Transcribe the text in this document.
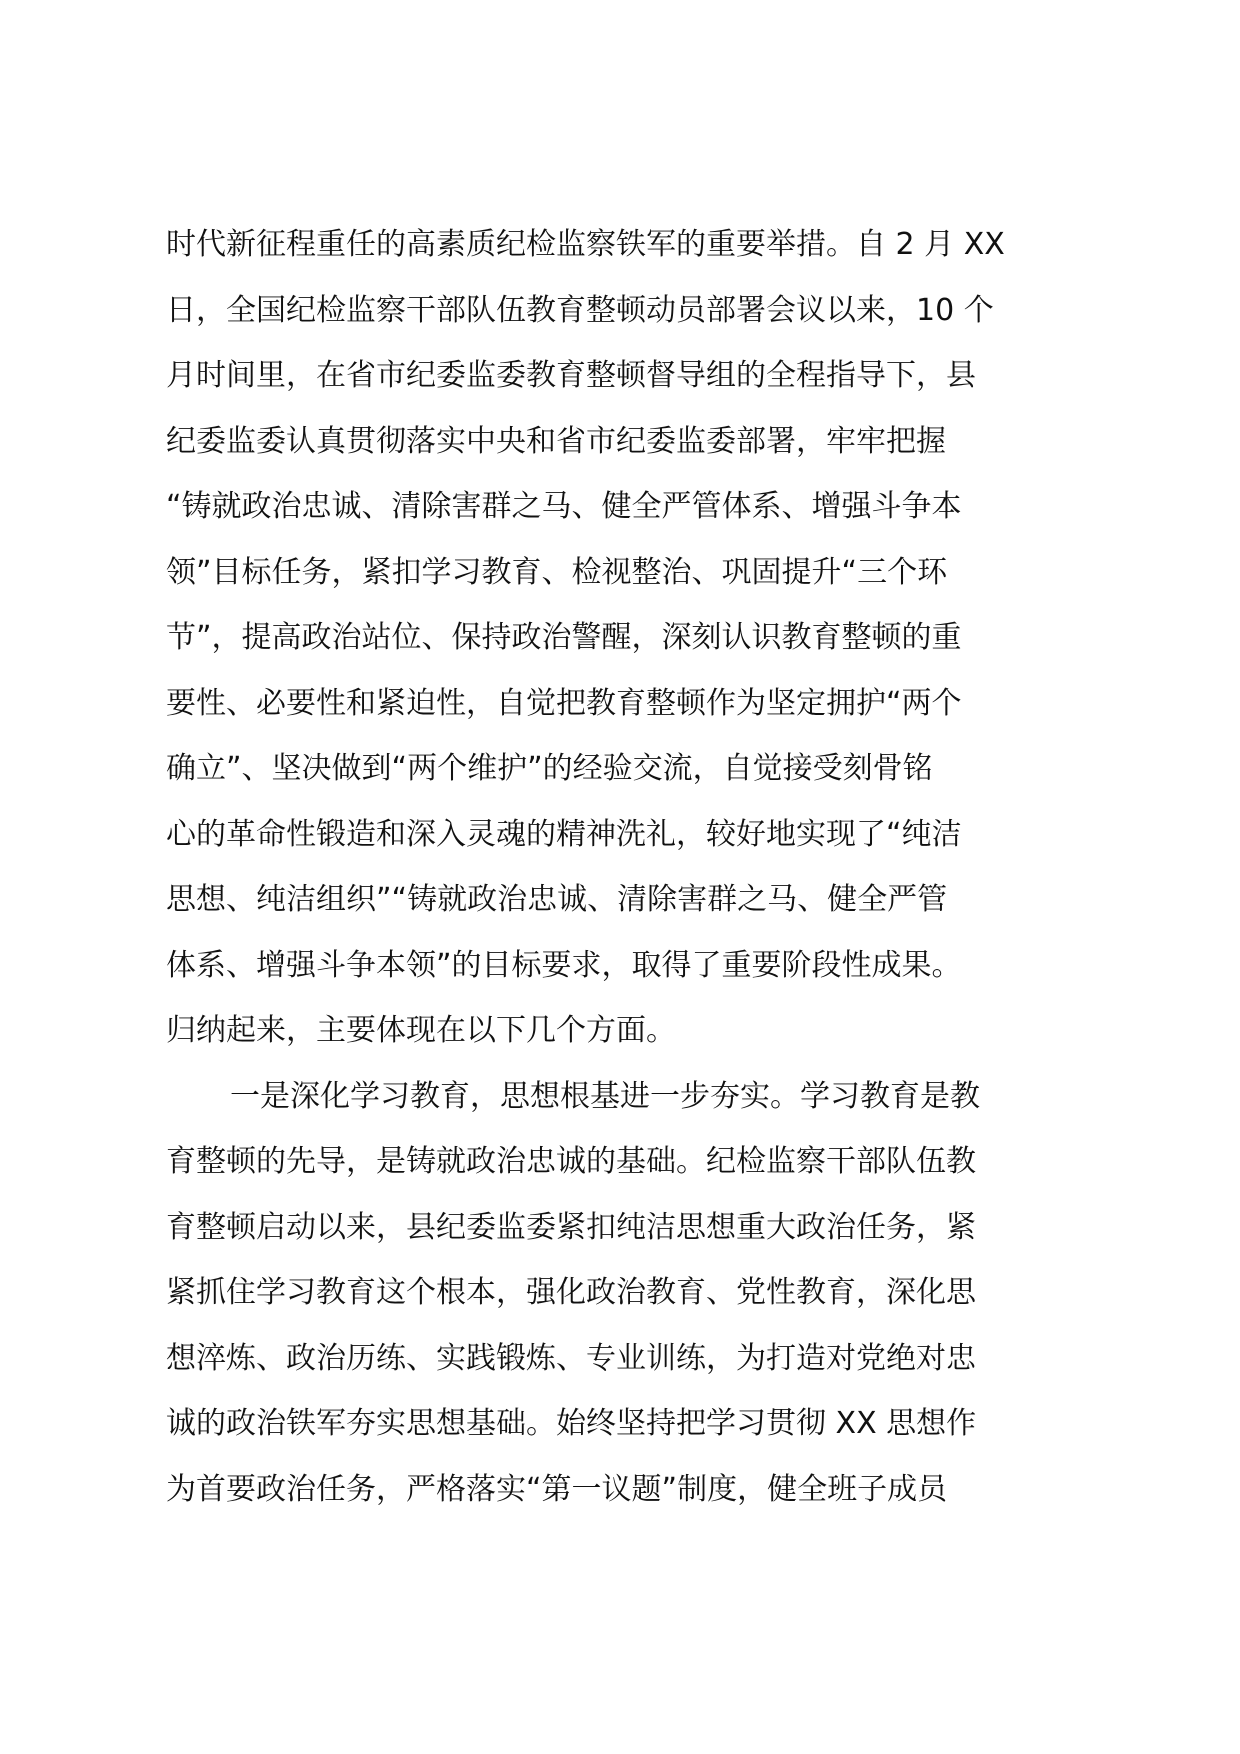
时代新征程重任的高素质纪检监察铁军的重要举措。自 2 月 XX
日，全国纪检监察干部队伍教育整顿动员部署会议以来，10 个
月时间里，在省市纪委监委教育整顿督导组的全程指导下，县
纪委监委认真贯彻落实中央和省市纪委监委部署，牢牢把握
“铸就政治忠诚、清除害群之马、健全严管体系、增强斗争本
领”目标任务，紧扣学习教育、检视整治、巩固提升“三个环
节”，提高政治站位、保持政治警醒，深刻认识教育整顿的重
要性、必要性和紧迫性，自觉把教育整顿作为坚定拥护“两个
确立”、坚决做到“两个维护”的经验交流，自觉接受刻骨铭
心的革命性锻造和深入灵魂的精神洗礼，较好地实现了“纯洁
思想、纯洁组织”“铸就政治忠诚、清除害群之马、健全严管
体系、增强斗争本领”的目标要求，取得了重要阶段性成果。
归纳起来，主要体现在以下几个方面。
一是深化学习教育，思想根基进一步夯实。学习教育是教
育整顿的先导，是铸就政治忠诚的基础。纪检监察干部队伍教
育整顿启动以来，县纪委监委紧扣纯洁思想重大政治任务，紧
紧抓住学习教育这个根本，强化政治教育、党性教育，深化思
想淬炼、政治历练、实践锻炼、专业训练，为打造对党绝对忠
诚的政治铁军夯实思想基础。始终坚持把学习贯彻 XX 思想作
为首要政治任务，严格落实“第一议题”制度，健全班子成员
